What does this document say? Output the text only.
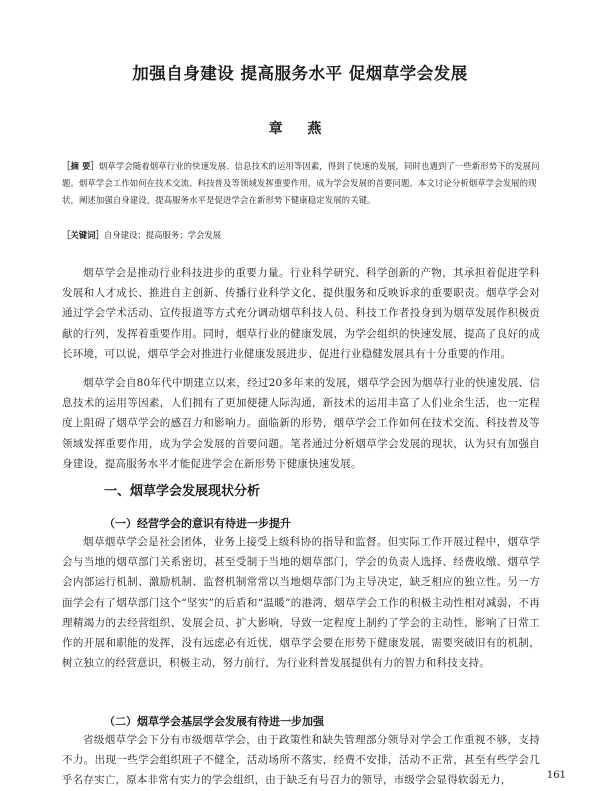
加强自身建设 提高服务水平 促烟草学会发展
章 燕
［摘 要］烟草学会随着烟草行业的快速发展、信息技术的运用等因素，得到了快速的发展，同时也遇到了一些新形势下的发展问题。烟草学会工作如何在技术交流、科技普及等领域发挥重要作用，成为学会发展的首要问题。本文讨论分析烟草学会发展的现状，阐述加强自身建设，提高服务水平是促进学会在新形势下健康稳定发展的关键。
［关键词］自身建设；提高服务；学会发展

烟草学会是推动行业科技进步的重要力量。行业科学研究、科学创新的产物，其承担着促进学科发展和人才成长、推进自主创新、传播行业科学文化、提供服务和反映诉求的重要职责。烟草学会对通过学会学术活动、宣传报道等方式充分调动烟草科技人员、科技工作者投身到为烟草发展作积极贡献的行列，发挥着重要作用。同时，烟草行业的健康发展，为学会组织的快速发展，提高了良好的成长环境，可以说，烟草学会对推进行业健康发展进步、促进行业稳健发展具有十分重要的作用。

烟草学会自80年代中期建立以来，经过20多年来的发展，烟草学会因为烟草行业的快速发展、信息技术的运用等因素，人们拥有了更加便捷人际沟通，新技术的运用丰富了人们业余生活，也一定程度上阻碍了烟草学会的感召力和影响力。面临新的形势，烟草学会工作如何在技术交流、科技普及等领域发挥重要作用，成为学会发展的首要问题。笔者通过分析烟草学会发展的现状，认为只有加强自身建设，提高服务水平才能促进学会在新形势下健康快速发展。

一、烟草学会发展现状分析
（一）经营学会的意识有待进一步提升

烟草烟草学会是社会团体，业务上接受上级科协的指导和监督。但实际工作开展过程中，烟草学会与当地的烟草部门关系密切，甚至受制于当地的烟草部门，学会的负责人选择、经费收缴、烟草学会内部运行机制、激励机制、监督机制常常以当地烟草部门为主导决定，缺乏相应的独立性。另一方面学会有了烟草部门这个“坚实”的后盾和“温暖”的港湾，烟草学会工作的积极主动性相对减弱，不再理精竭力的去经营组织、发展会员、扩大影响，导致一定程度上制约了学会的主动性，影响了日常工作的开展和职能的发挥，没有远虑必有近忧，烟草学会要在形势下健康发展，需要突破旧有的机制，树立独立的经营意识，积极主动，努力前行，为行业科普发展提供有力的智力和科技支持。

（二）烟草学会基层学会发展有待进一步加强

省级烟草学会下分有市级烟草学会，由于政策性和缺失管理部分领导对学会工作重视不够，支持不力。出现一些学会组织班子不健全，活动场所不落实，经费不安排，活动不正常，甚至有些学会几乎名存实亡，原本非常有实力的学会组织，由于缺乏有号召力的领导，市级学会显得软弱无力，	161
